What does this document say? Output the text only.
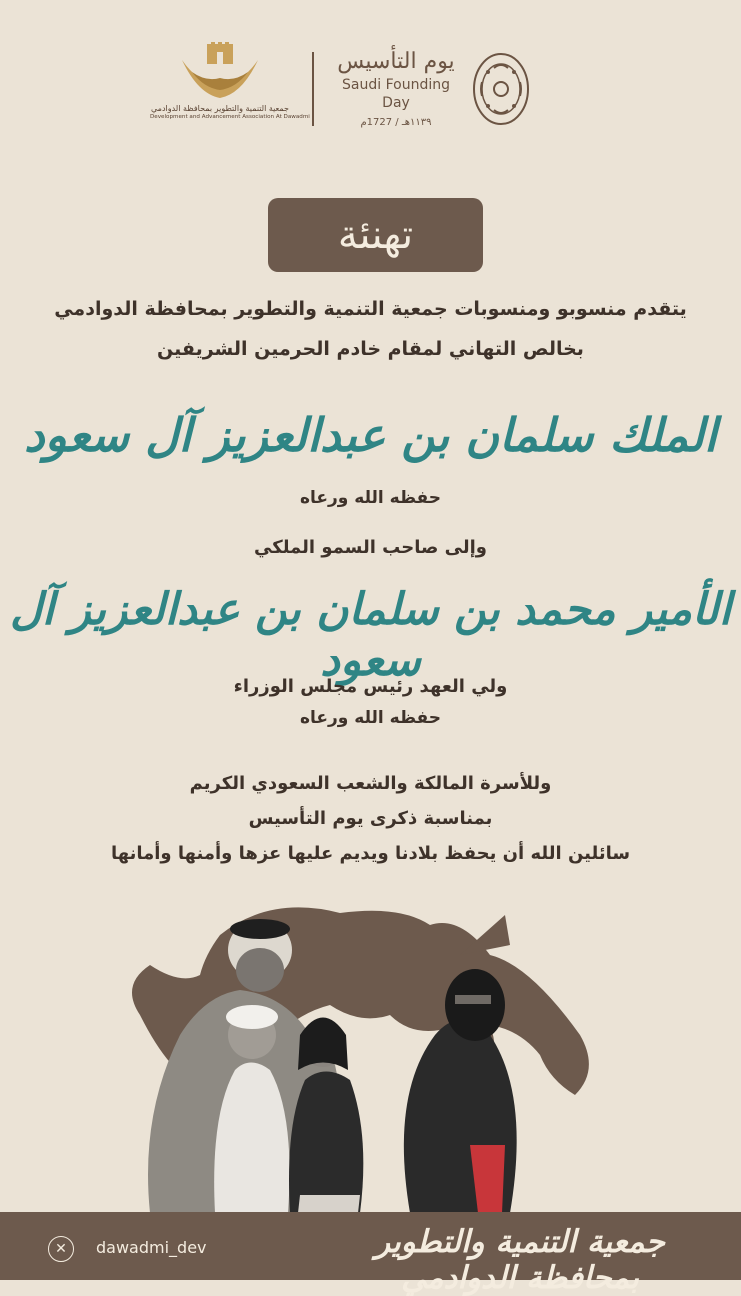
جمعية التنمية والتطوير بمحافظة الدوادمي
Development and Advancement Association At Dawadmi
يوم التأسيس
Saudi Founding Day
١١٣٩هـ / 1727م
تهنئة
يتقدم منسوبو ومنسوبات جمعية التنمية والتطوير بمحافظة الدوادمي
بخالص التهاني لمقام خادم الحرمين الشريفين
الملك سلمان بن عبدالعزيز آل سعود
حفظه الله ورعاه
وإلى صاحب السمو الملكي
الأمير محمد بن سلمان بن عبدالعزيز آل سعود
ولي العهد رئيس مجلس الوزراء
حفظه الله ورعاه
وللأسرة المالكة والشعب السعودي الكريم
بمناسبة ذكرى يوم التأسيس
سائلين الله أن يحفظ بلادنا ويديم عليها عزها وأمنها وأمانها
✕	dawadmi_dev	جمعية التنمية والتطوير بمحافظة الدوادمي
